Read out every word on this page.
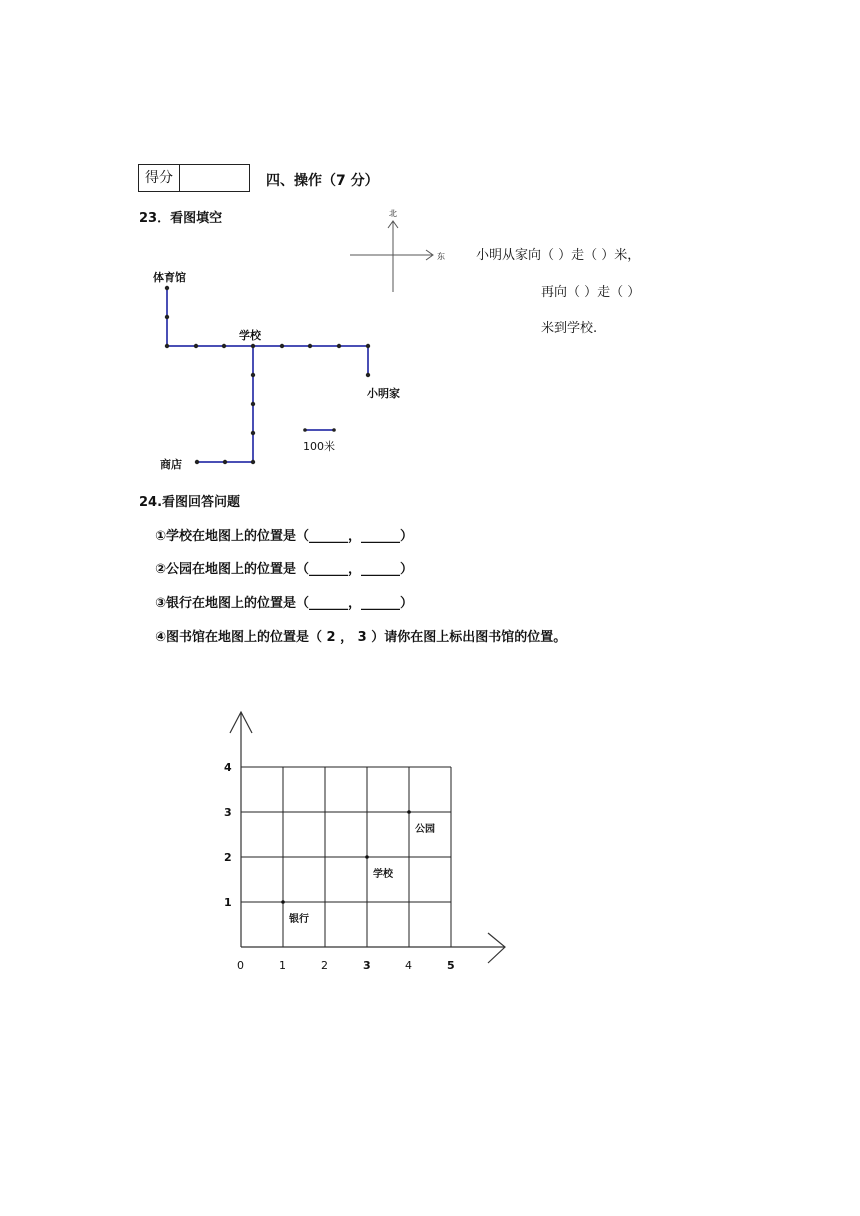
得分	四、操作（7 分）
23．看图填空	北
东
体育馆
学校
小明家
商店
100米
小明从家向（ ）走（ ）米，
再向（ ）走（ ）
米到学校.
24.看图回答问题
①学校在地图上的位置是（______，______）
②公园在地图上的位置是（______，______）
③银行在地图上的位置是（______，______）
④图书馆在地图上的位置是（ 2 ， 3 ）请你在图上标出图书馆的位置。
0	1	2	3	4	5
1
2
3
4
银行
学校
公园
